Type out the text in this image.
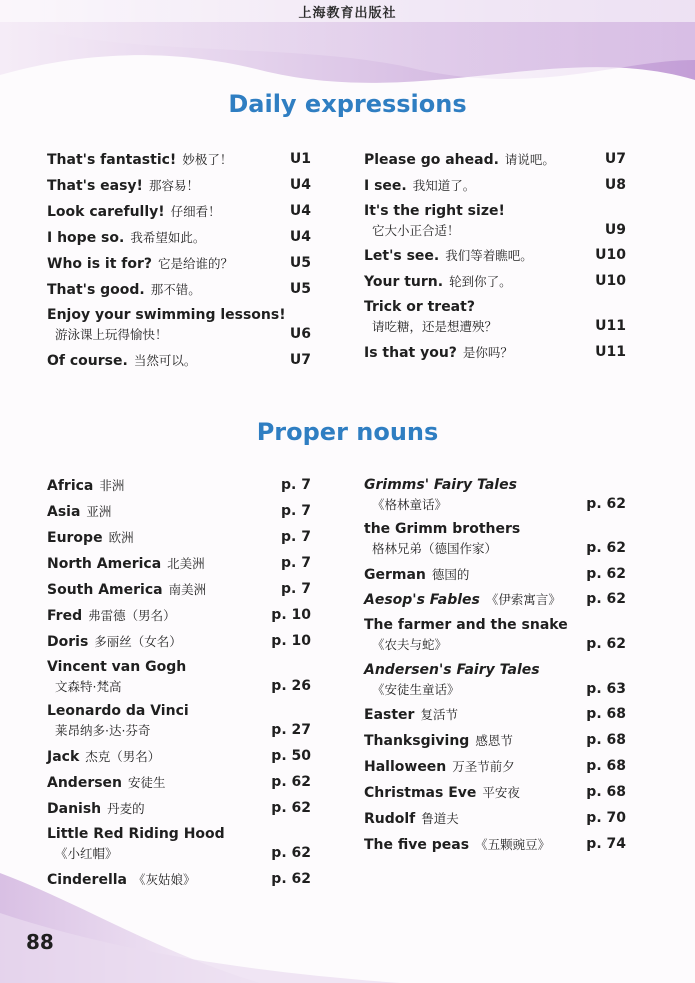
上海教育出版社
Daily expressions
That's fantastic! 妙极了！	U1
That's easy! 那容易！	U4
Look carefully! 仔细看！	U4
I hope so. 我希望如此。	U4
Who is it for? 它是给谁的？	U5
That's good. 那不错。	U5
Enjoy your swimming lessons!
游泳课上玩得愉快！	U6
Of course. 当然可以。	U7
Please go ahead. 请说吧。	U7
I see. 我知道了。	U8
It's the right size!
它大小正合适！	U9
Let's see. 我们等着瞧吧。	U10
Your turn. 轮到你了。	U10
Trick or treat?
请吃糖，还是想遭殃？	U11
Is that you? 是你吗？	U11
Proper nouns
Africa 非洲	p. 7
Asia 亚洲	p. 7
Europe 欧洲	p. 7
North America 北美洲	p. 7
South America 南美洲	p. 7
Fred 弗雷德（男名）	p. 10
Doris 多丽丝（女名）	p. 10
Vincent van Gogh
文森特·梵高	p. 26
Leonardo da Vinci
莱昂纳多·达·芬奇	p. 27
Jack 杰克（男名）	p. 50
Andersen 安徒生	p. 62
Danish 丹麦的	p. 62
Little Red Riding Hood
《小红帽》	p. 62
Cinderella 《灰姑娘》	p. 62
Grimms' Fairy Tales
《格林童话》	p. 62
the Grimm brothers
格林兄弟（德国作家）	p. 62
German 德国的	p. 62
Aesop's Fables 《伊索寓言》 p. 62
The farmer and the snake
《农夫与蛇》	p. 62
Andersen's Fairy Tales
《安徒生童话》	p. 63
Easter 复活节	p. 68
Thanksgiving 感恩节	p. 68
Halloween 万圣节前夕	p. 68
Christmas Eve 平安夜	p. 68
Rudolf 鲁道夫	p. 70
The five peas 《五颗豌豆》	p. 74
88
